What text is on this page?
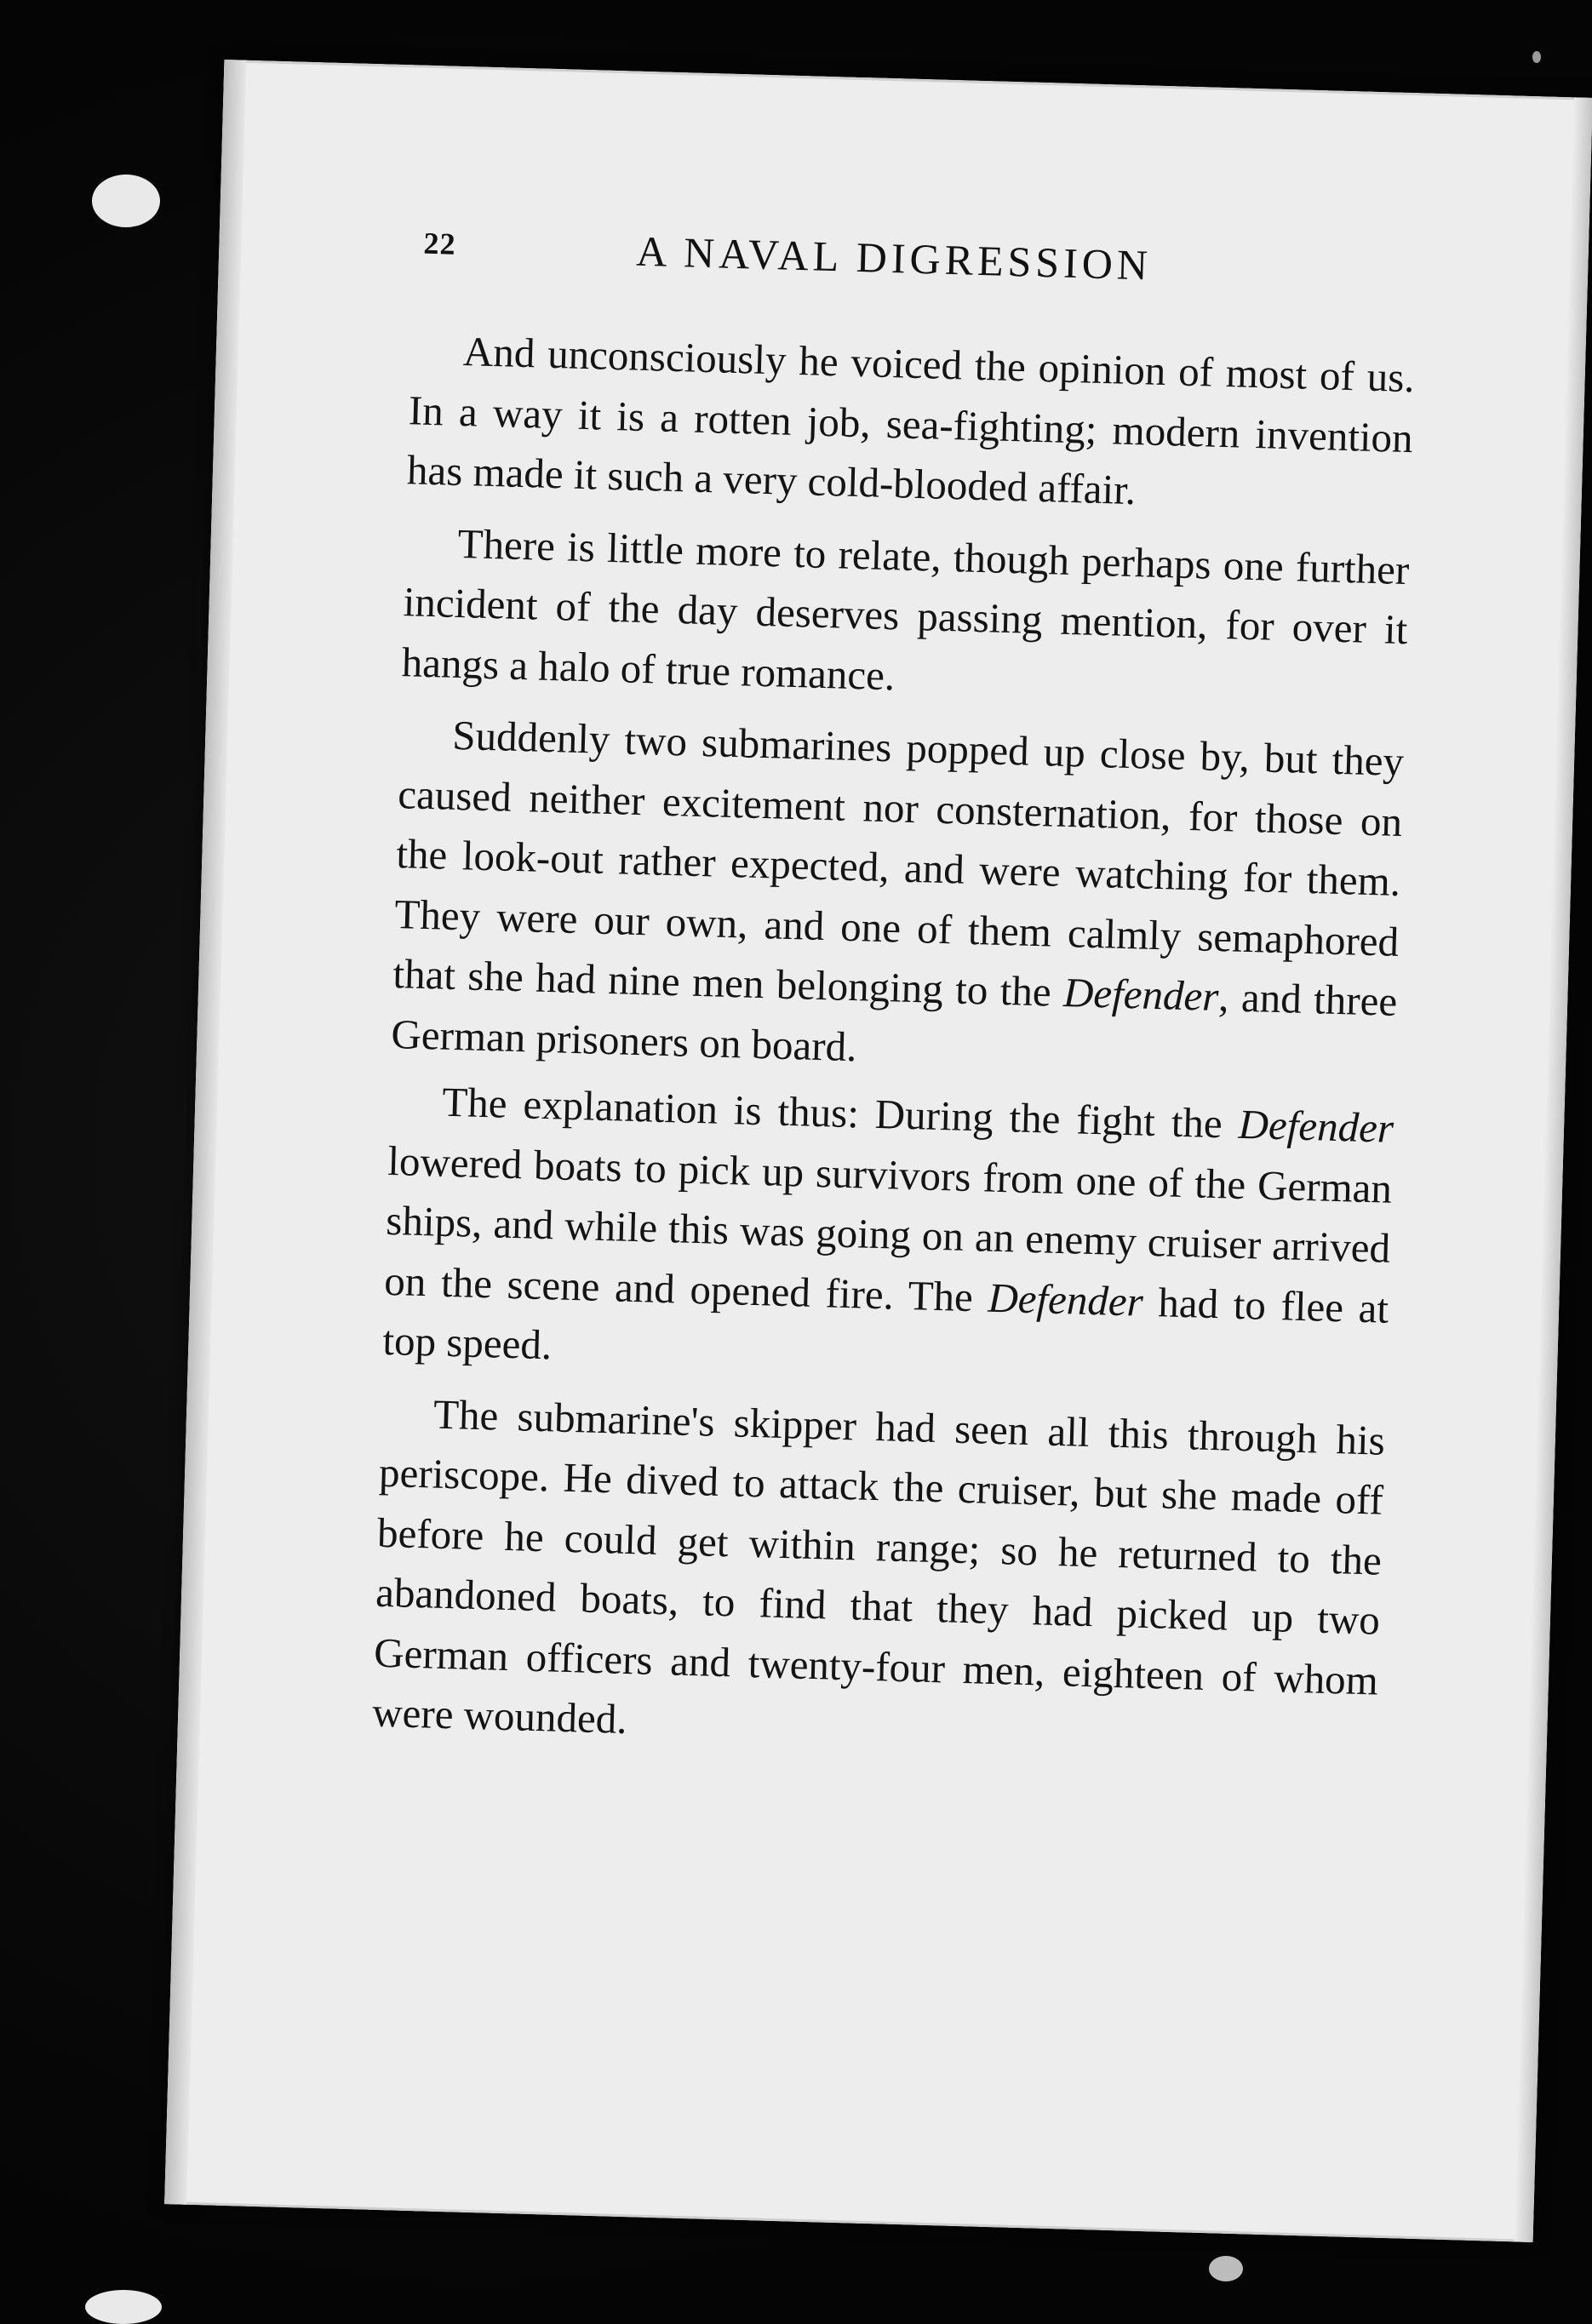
22	A NAVAL DIGRESSION

And unconsciously he voiced the opinion of most of us. In a way it is a rotten job, sea-fighting; modern invention has made it such a very cold-blooded affair.

There is little more to relate, though perhaps one further incident of the day deserves passing mention, for over it hangs a halo of true romance.

Suddenly two submarines popped up close by, but they caused neither excitement nor consternation, for those on the look-out rather expected, and were watching for them. They were our own, and one of them calmly semaphored that she had nine men belonging to the Defender, and three German prisoners on board.

The explanation is thus: During the fight the Defender lowered boats to pick up survivors from one of the German ships, and while this was going on an enemy cruiser arrived on the scene and opened fire. The Defender had to flee at top speed.

The submarine's skipper had seen all this through his periscope. He dived to attack the cruiser, but she made off before he could get within range; so he returned to the abandoned boats, to find that they had picked up two German officers and twenty-four men, eighteen of whom were wounded.
